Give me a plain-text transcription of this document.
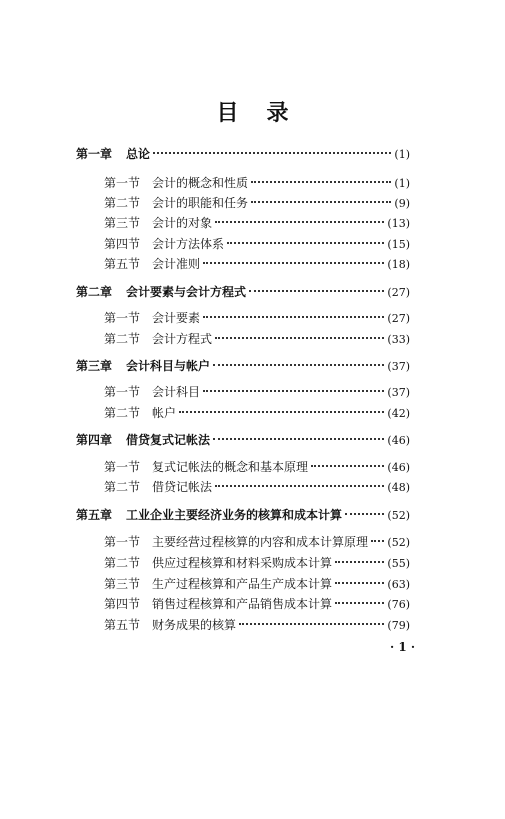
目录
第一章 总论	(1)
第一节 会计的概念和性质	(1)
第二节 会计的职能和任务	(9)
第三节 会计的对象	(13)
第四节 会计方法体系	(15)
第五节 会计准则	(18)
第二章 会计要素与会计方程式	(27)
第一节 会计要素	(27)
第二节 会计方程式	(33)
第三章 会计科目与帐户	(37)
第一节 会计科目	(37)
第二节 帐户	(42)
第四章 借贷复式记帐法	(46)
第一节 复式记帐法的概念和基本原理	(46)
第二节 借贷记帐法	(48)
第五章 工业企业主要经济业务的核算和成本计算	(52)
第一节 主要经营过程核算的内容和成本计算原理 (52)
第二节 供应过程核算和材料采购成本计算	(55)
第三节 生产过程核算和产品生产成本计算	(63)
第四节 销售过程核算和产品销售成本计算	(76)
第五节 财务成果的核算	(79)
· 1 ·
